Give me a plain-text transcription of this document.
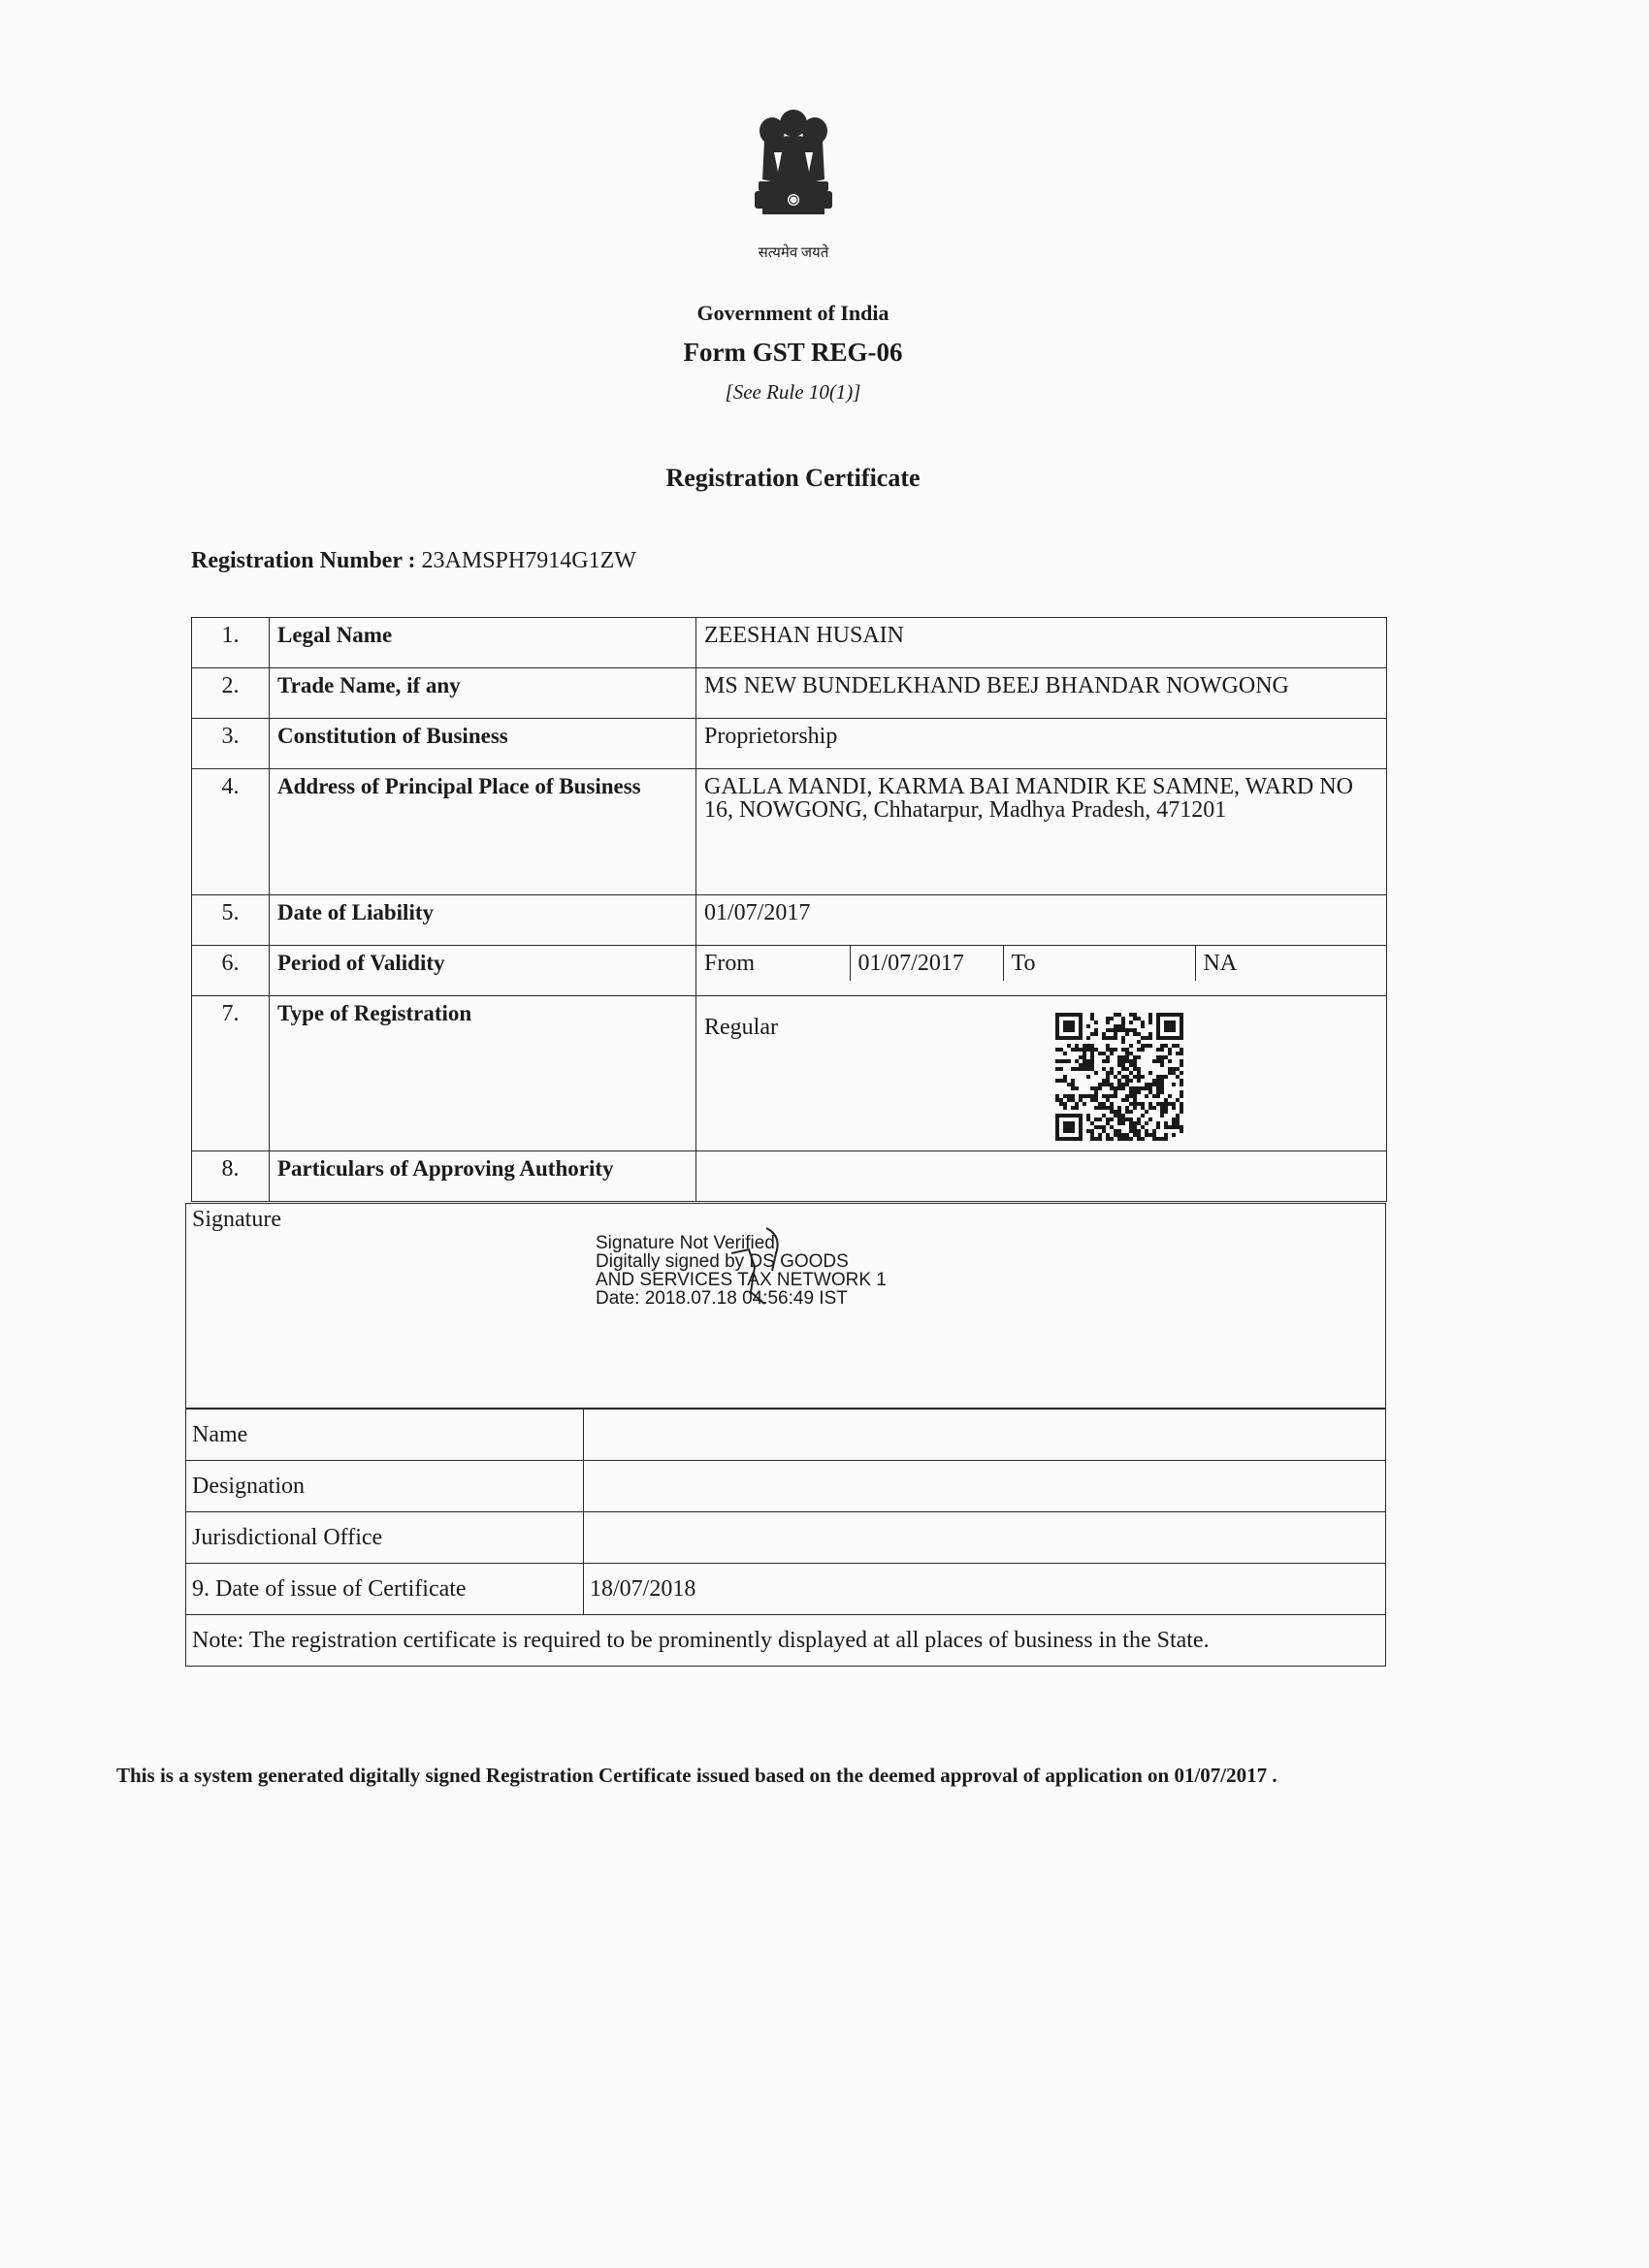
सत्यमेव जयते
Government of India
Form GST REG-06
[See Rule 10(1)]
Registration Certificate
Registration Number : 23AMSPH7914G1ZW
1.	Legal Name	ZEESHAN HUSAIN
2.	Trade Name, if any	MS NEW BUNDELKHAND BEEJ BHANDAR NOWGONG
3.	Constitution of Business	Proprietorship
4.	Address of Principal Place of Business	GALLA MANDI, KARMA BAI MANDIR KE SAMNE, WARD NO 16, NOWGONG, Chhatarpur, Madhya Pradesh, 471201
5.	Date of Liability	01/07/2017
6.	Period of Validity		From	01/07/2017	To	NA

7.	Type of Registration	Regular
8.	Particulars of Approving Authority	
Signature
Signature Not Verified
Digitally signed by DS GOODS
AND SERVICES TAX NETWORK 1
Date: 2018.07.18 04:56:49 IST
Name	
Designation	
Jurisdictional Office	
9. Date of issue of Certificate	18/07/2018
Note: The registration certificate is required to be prominently displayed at all places of business in the State.	
This is a system generated digitally signed Registration Certificate issued based on the deemed approval of application on 01/07/2017 .
